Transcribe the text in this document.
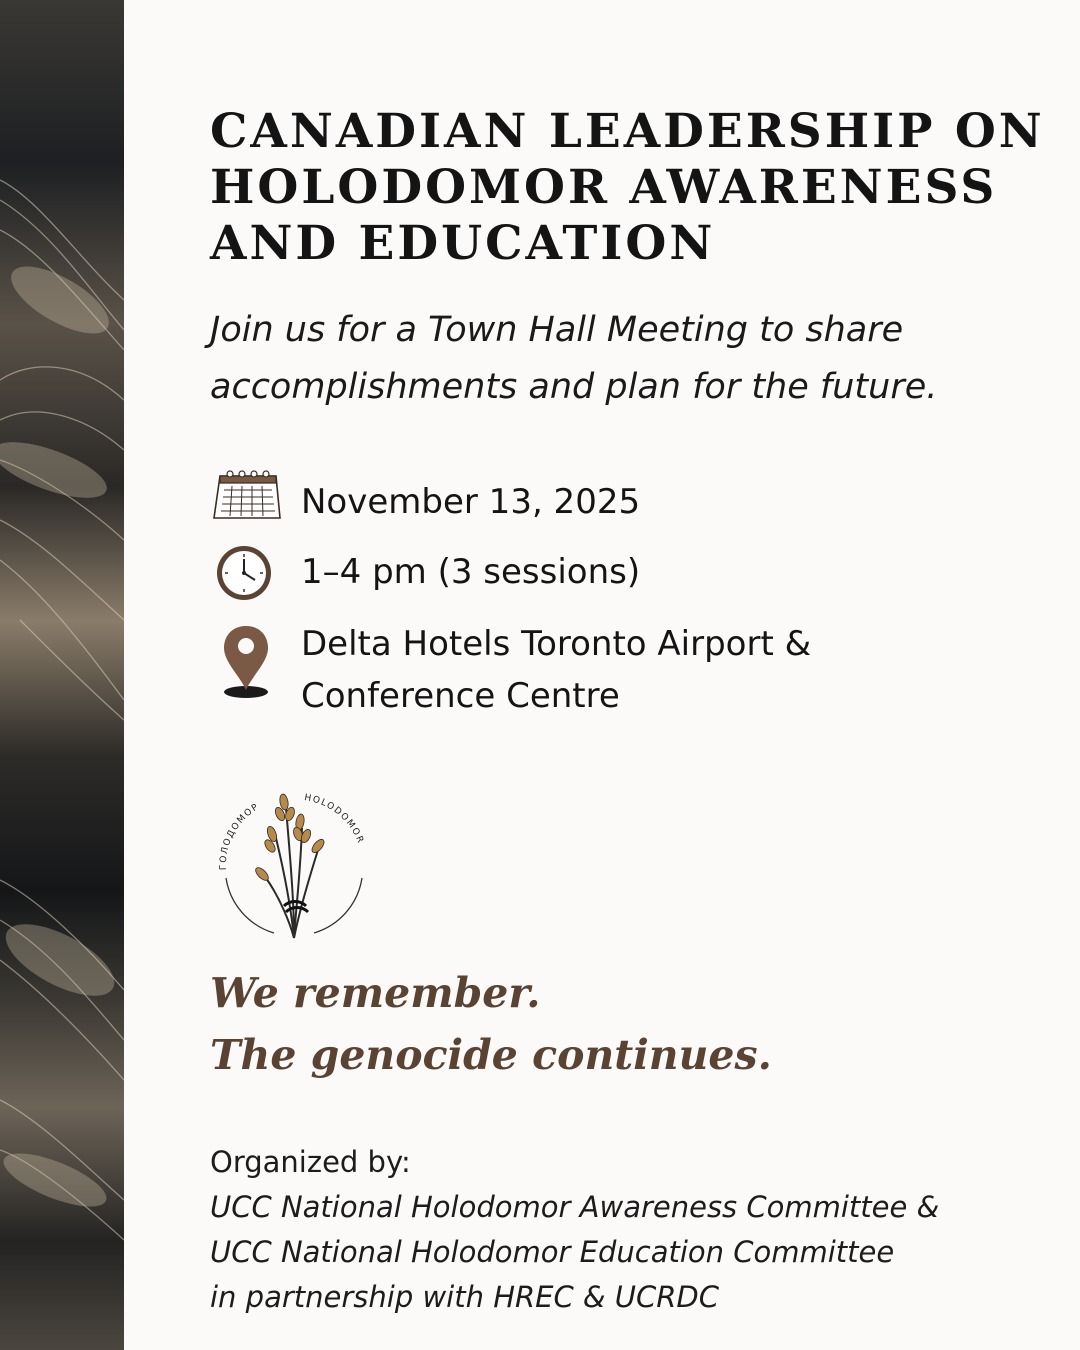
CANADIAN LEADERSHIP ON
HOLODOMOR AWARENESS
AND EDUCATION
Join us for a Town Hall Meeting to share
accomplishments and plan for the future.
November 13, 2025
1–4 pm (3 sessions)
Delta Hotels Toronto Airport &
Conference Centre
ГОЛОДОМОР
HOLODOMOR
We remember.
The genocide continues.
Organized by:
UCC National Holodomor Awareness Committee &
UCC National Holodomor Education Committee
in partnership with HREC & UCRDC
